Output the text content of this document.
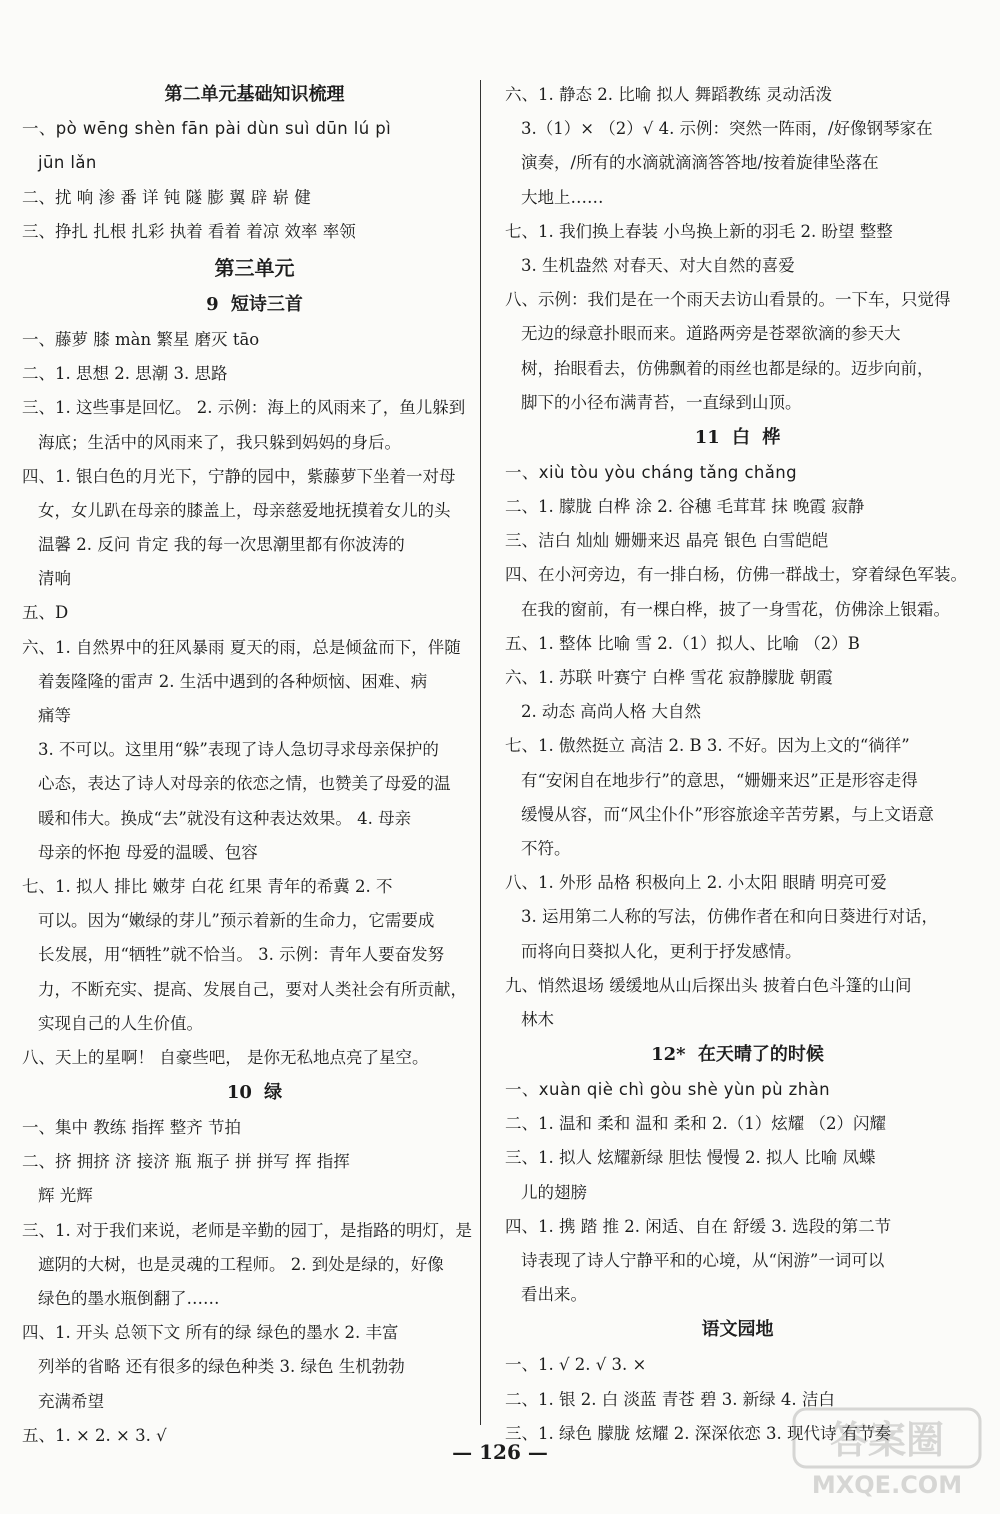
第二单元基础知识梳理
一、pò wēng shèn fān pài dùn suì dūn lú pì
jūn lǎn
二、扰 响 渗 番 详 钝 隧 膨 翼 辟 崭 健
三、挣扎 扎根 扎彩 执着 看着 着凉 效率 率领
第三单元
9 短诗三首
一、藤萝 膝 màn 繁星 磨灭 tāo
二、1. 思想 2. 思潮 3. 思路
三、1. 这些事是回忆。 2. 示例：海上的风雨来了，鱼儿躲到
海底；生活中的风雨来了，我只躲到妈妈的身后。
四、1. 银白色的月光下，宁静的园中，紫藤萝下坐着一对母
女，女儿趴在母亲的膝盖上，母亲慈爱地抚摸着女儿的头
温馨 2. 反问 肯定 我的每一次思潮里都有你波涛的
清响
五、D
六、1. 自然界中的狂风暴雨 夏天的雨，总是倾盆而下，伴随
着轰隆隆的雷声 2. 生活中遇到的各种烦恼、困难、病
痛等
3. 不可以。这里用“躲”表现了诗人急切寻求母亲保护的
心态，表达了诗人对母亲的依恋之情，也赞美了母爱的温
暖和伟大。换成“去”就没有这种表达效果。 4. 母亲
母亲的怀抱 母爱的温暖、包容
七、1. 拟人 排比 嫩芽 白花 红果 青年的希冀 2. 不
可以。因为“嫩绿的芽儿”预示着新的生命力，它需要成
长发展，用“牺牲”就不恰当。 3. 示例：青年人要奋发努
力，不断充实、提高、发展自己，要对人类社会有所贡献，
实现自己的人生价值。
八、天上的星啊！ 自豪些吧， 是你无私地点亮了星空。
10 绿
一、集中 教练 指挥 整齐 节拍
二、挤 拥挤 济 接济 瓶 瓶子 拼 拼写 挥 指挥
辉 光辉
三、1. 对于我们来说，老师是辛勤的园丁，是指路的明灯，是
遮阴的大树，也是灵魂的工程师。 2. 到处是绿的，好像
绿色的墨水瓶倒翻了……
四、1. 开头 总领下文 所有的绿 绿色的墨水 2. 丰富
列举的省略 还有很多的绿色种类 3. 绿色 生机勃勃
充满希望
五、1. × 2. × 3. √
六、1. 静态 2. 比喻 拟人 舞蹈教练 灵动活泼
3.（1）× （2）√ 4. 示例：突然一阵雨，/好像钢琴家在
演奏，/所有的水滴就滴滴答答地/按着旋律坠落在
大地上……
七、1. 我们换上春装 小鸟换上新的羽毛 2. 盼望 整整
3. 生机盎然 对春天、对大自然的喜爱
八、示例：我们是在一个雨天去访山看景的。一下车，只觉得
无边的绿意扑眼而来。道路两旁是苍翠欲滴的参天大
树，抬眼看去，仿佛飘着的雨丝也都是绿的。迈步向前，
脚下的小径布满青苔，一直绿到山顶。
11 白 桦
一、xiù tòu yòu cháng tǎng chǎng
二、1. 朦胧 白桦 涂 2. 谷穗 毛茸茸 抹 晚霞 寂静
三、洁白 灿灿 姗姗来迟 晶亮 银色 白雪皑皑
四、在小河旁边，有一排白杨，仿佛一群战士，穿着绿色军装。
在我的窗前，有一棵白桦，披了一身雪花，仿佛涂上银霜。
五、1. 整体 比喻 雪 2.（1）拟人、比喻 （2）B
六、1. 苏联 叶赛宁 白桦 雪花 寂静朦胧 朝霞
2. 动态 高尚人格 大自然
七、1. 傲然挺立 高洁 2. B 3. 不好。因为上文的“徜徉”
有“安闲自在地步行”的意思，“姗姗来迟”正是形容走得
缓慢从容，而“风尘仆仆”形容旅途辛苦劳累，与上文语意
不符。
八、1. 外形 品格 积极向上 2. 小太阳 眼睛 明亮可爱
3. 运用第二人称的写法，仿佛作者在和向日葵进行对话，
而将向日葵拟人化，更利于抒发感情。
九、悄然退场 缓缓地从山后探出头 披着白色斗篷的山间
林木
12* 在天晴了的时候
一、xuàn qiè chì gòu shè yùn pù zhàn
二、1. 温和 柔和 温和 柔和 2.（1）炫耀 （2）闪耀
三、1. 拟人 炫耀新绿 胆怯 慢慢 2. 拟人 比喻 凤蝶
儿的翅膀
四、1. 携 踏 推 2. 闲适、自在 舒缓 3. 选段的第二节
诗表现了诗人宁静平和的心境，从“闲游”一词可以
看出来。
语文园地
一、1. √ 2. √ 3. ×
二、1. 银 2. 白 淡蓝 青苍 碧 3. 新绿 4. 洁白
三、1. 绿色 朦胧 炫耀 2. 深深依恋 3. 现代诗 有节奏
— 126 —	答案圈
MXQE.COM
